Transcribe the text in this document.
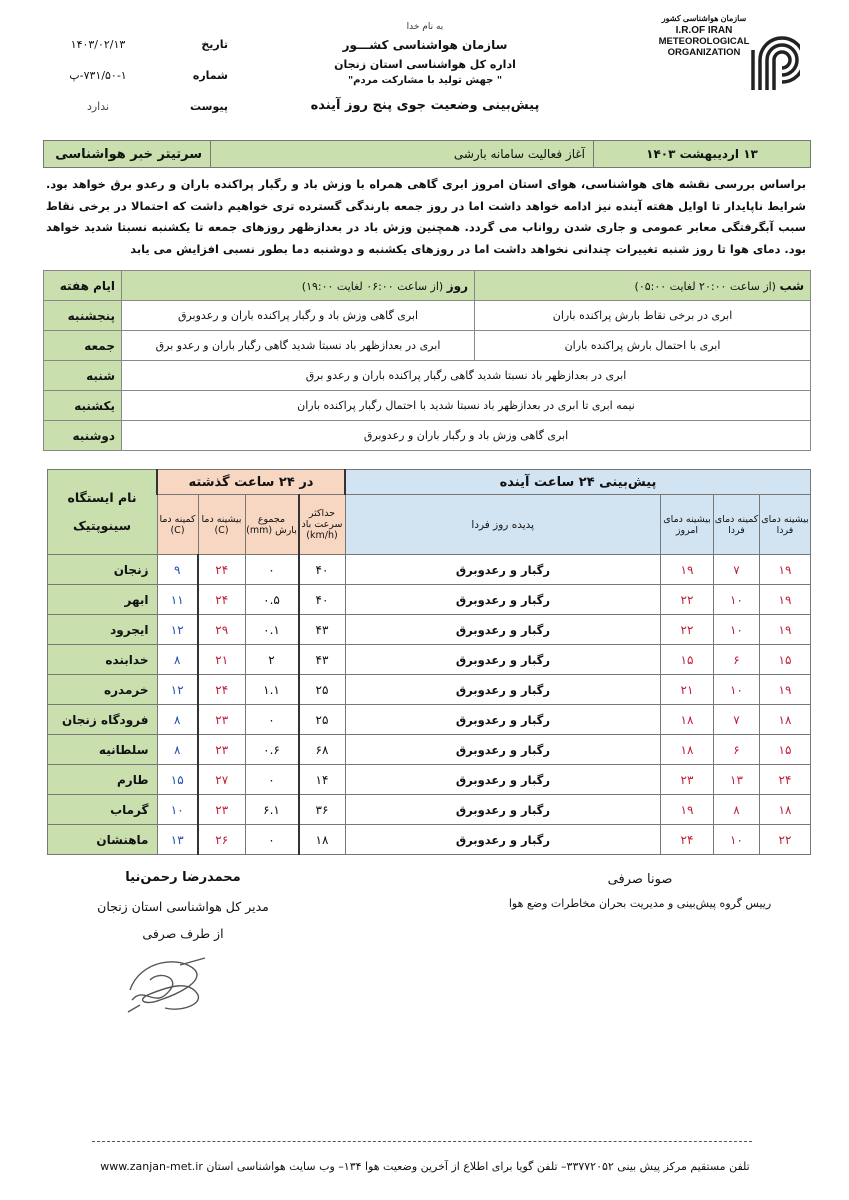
به نام خدا
سازمان هواشناسی کشـــور
اداره کل هواشناسی استان زنجان
" جهش تولید با مشارکت مردم"
پیش‌بینی وضعیت جوی پنج روز آینده
تاریخ
۱۴۰۳/۰۲/۱۳
شماره
۷۳۱/۵۰-۱-پ
پیوست
ندارد
سازمان هواشناسی کشور
I.R.OF IRAN
METEOROLOGICAL
ORGANIZATION
سرتیتر خبر هواشناسی	آغاز فعالیت سامانه بارشی	۱۳ اردیبهشت ۱۴۰۳
براساس بررسی نقشه های هواشناسی، هوای استان امروز ابری گاهی همراه با وزش باد و رگبار پراکنده باران و رعدو برق خواهد بود. شرایط ناپایدار تا اوایل هفته آینده نیز ادامه خواهد داشت اما در روز جمعه بارندگی گسترده تری خواهیم داشت که احتمالا در برخی نقاط سبب آبگرفتگی معابر عمومی و جاری شدن رواناب می گردد. همچنین وزش باد در بعدازظهر روزهای جمعه تا یکشنبه نسبتا شدید خواهد بود. دمای هوا تا روز شنبه تغییرات چندانی نخواهد داشت اما در روزهای یکشنبه و دوشنبه دما بطور نسبی افزایش می یابد
ایام هفته	روز (از ساعت ۰۶:۰۰ لغایت ۱۹:۰۰)	شب (از ساعت ۲۰:۰۰ لغایت ۰۵:۰۰)
پنجشنبه	ابری گاهی وزش باد و رگبار پراکنده باران و رعدوبرق	ابری در برخی نقاط بارش پراکنده باران
جمعه	ابری در بعدازظهر باد نسبتا شدید گاهی رگبار باران و رعدو برق	ابری با احتمال بارش پراکنده باران
شنبه	ابری در بعدازظهر باد نسبتا شدید گاهی رگبار پراکنده باران و رعدو برق	
یکشنبه	نیمه ابری تا ابری در بعدازظهر باد نسبتا شدید با احتمال رگبار پراکنده باران	
دوشنبه	ابری گاهی وزش باد و رگبار باران و رعدوبرق	
نام ایستگاه سینوپتیک	در ۲۴ ساعت گذشته				پیش‌بینی ۲۴ ساعت آینده			
	کمینه دما (C)	بیشینه دما (C)	مجموع بارش (mm)	حداکثر سرعت باد (km/h)	پدیده روز فردا	بیشینه دمای امروز	کمینه دمای فردا	بیشینه دمای فردا
زنجان	۹	۲۴	۰	۴۰	رگبار و رعدوبرق	۱۹	۷	۱۹
ابهر	۱۱	۲۴	۰.۵	۴۰	رگبار و رعدوبرق	۲۲	۱۰	۱۹
ایجرود	۱۲	۲۹	۰.۱	۴۳	رگبار و رعدوبرق	۲۲	۱۰	۱۹
خدابنده	۸	۲۱	۲	۴۳	رگبار و رعدوبرق	۱۵	۶	۱۵
خرمدره	۱۲	۲۴	۱.۱	۲۵	رگبار و رعدوبرق	۲۱	۱۰	۱۹
فرودگاه زنجان	۸	۲۳	۰	۲۵	رگبار و رعدوبرق	۱۸	۷	۱۸
سلطانیه	۸	۲۳	۰.۶	۶۸	رگبار و رعدوبرق	۱۸	۶	۱۵
طارم	۱۵	۲۷	۰	۱۴	رگبار و رعدوبرق	۲۳	۱۳	۲۴
گرماب	۱۰	۲۳	۶.۱	۳۶	رگبار و رعدوبرق	۱۹	۸	۱۸
ماهنشان	۱۳	۲۶	۰	۱۸	رگبار و رعدوبرق	۲۴	۱۰	۲۲
محمدرضا رحمن‌نیا
مدیر کل هواشناسی استان زنجان
از طرف صرفی
صونا صرفی
رییس گروه پیش‌بینی و مدیریت بحران مخاطرات وضع هوا
تلفن مستقیم مرکز پیش بینی ۳۳۷۷۲۰۵۲– تلفن گویا برای اطلاع از آخرین وضعیت هوا ۱۳۴– وب سایت هواشناسی استان www.zanjan-met.ir
